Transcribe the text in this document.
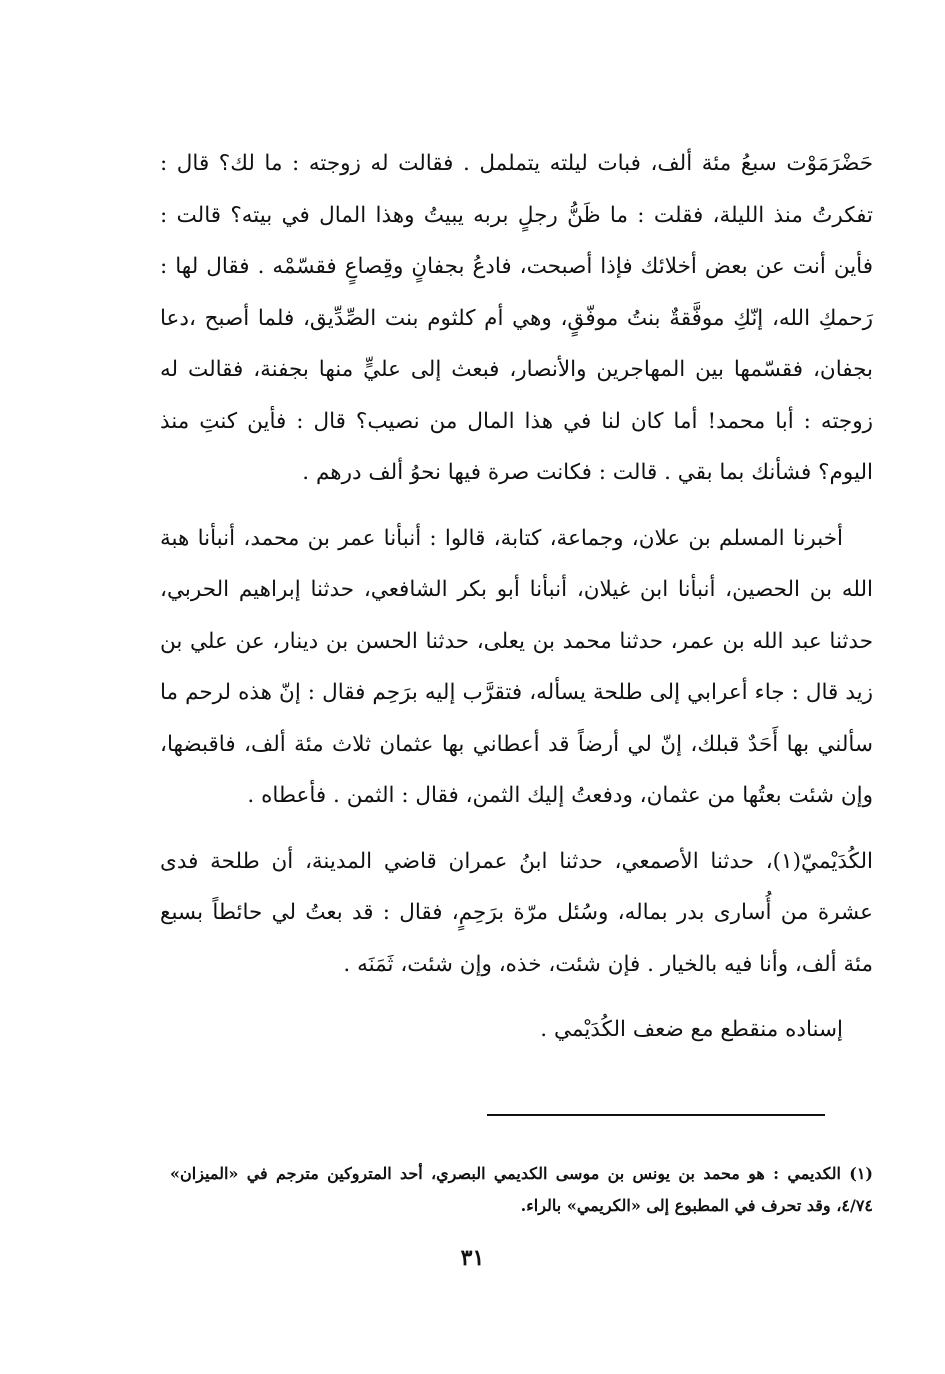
حَضْرَمَوْت سبعُ مئة ألف، فبات ليلته يتململ . فقالت له زوجته : ما لك؟ قال : تفكرتُ منذ الليلة، فقلت : ما ظَنُّ رجلٍ بربه يبيتُ وهذا المال في بيته؟ قالت : فأين أنت عن بعض أخلائك فإذا أصبحت، فادعُ بجفانٍ وقِصاعٍ فقسّمْه . فقال لها : رَحمكِ الله، إنّكِ موفَّقةٌ بنتُ موفّقٍ، وهي أم كلثوم بنت الصِّدِّيق، فلما أصبح ،دعا بجفان، فقسّمها بين المهاجرين والأنصار، فبعث إلى عليٍّ منها بجفنة، فقالت له زوجته : أبا محمد! أما كان لنا في هذا المال من نصيب؟ قال : فأين كنتِ منذ اليوم؟ فشأنك بما بقي . قالت : فكانت صرة فيها نحوُ ألف درهم .

أخبرنا المسلم بن علان، وجماعة، كتابة، قالوا : أنبأنا عمر بن محمد، أنبأنا هبة الله بن الحصين، أنبأنا ابن غيلان، أنبأنا أبو بكر الشافعي، حدثنا إبراهيم الحربي، حدثنا عبد الله بن عمر، حدثنا محمد بن يعلى، حدثنا الحسن بن دينار، عن علي بن زيد قال : جاء أعرابي إلى طلحة يسأله، فتقرَّب إليه برَحِم فقال : إنّ هذه لرحم ما سألني بها أَحَدٌ قبلك، إنّ لي أرضاً قد أعطاني بها عثمان ثلاث مئة ألف، فاقبضها، وإن شئت بعتُها من عثمان، ودفعتُ إليك الثمن، فقال : الثمن . فأعطاه .

الكُدَيْميّ(١)، حدثنا الأصمعي، حدثنا ابنُ عمران قاضي المدينة، أن طلحة فدى عشرة من أُسارى بدر بماله، وسُئل مرّة برَحِمٍ، فقال : قد بعتُ لي حائطاً بسبع مئة ألف، وأنا فيه بالخيار . فإن شئت، خذه، وإن شئت، ثَمَنَه .

إسناده منقطع مع ضعف الكُدَيْمي .

(١) الكديمي : هو محمد بن يونس بن موسى الكديمي البصري، أحد المتروكين مترجم في «الميزان» ٤/٧٤، وقد تحرف في المطبوع إلى «الكريمي» بالراء.

٣١
